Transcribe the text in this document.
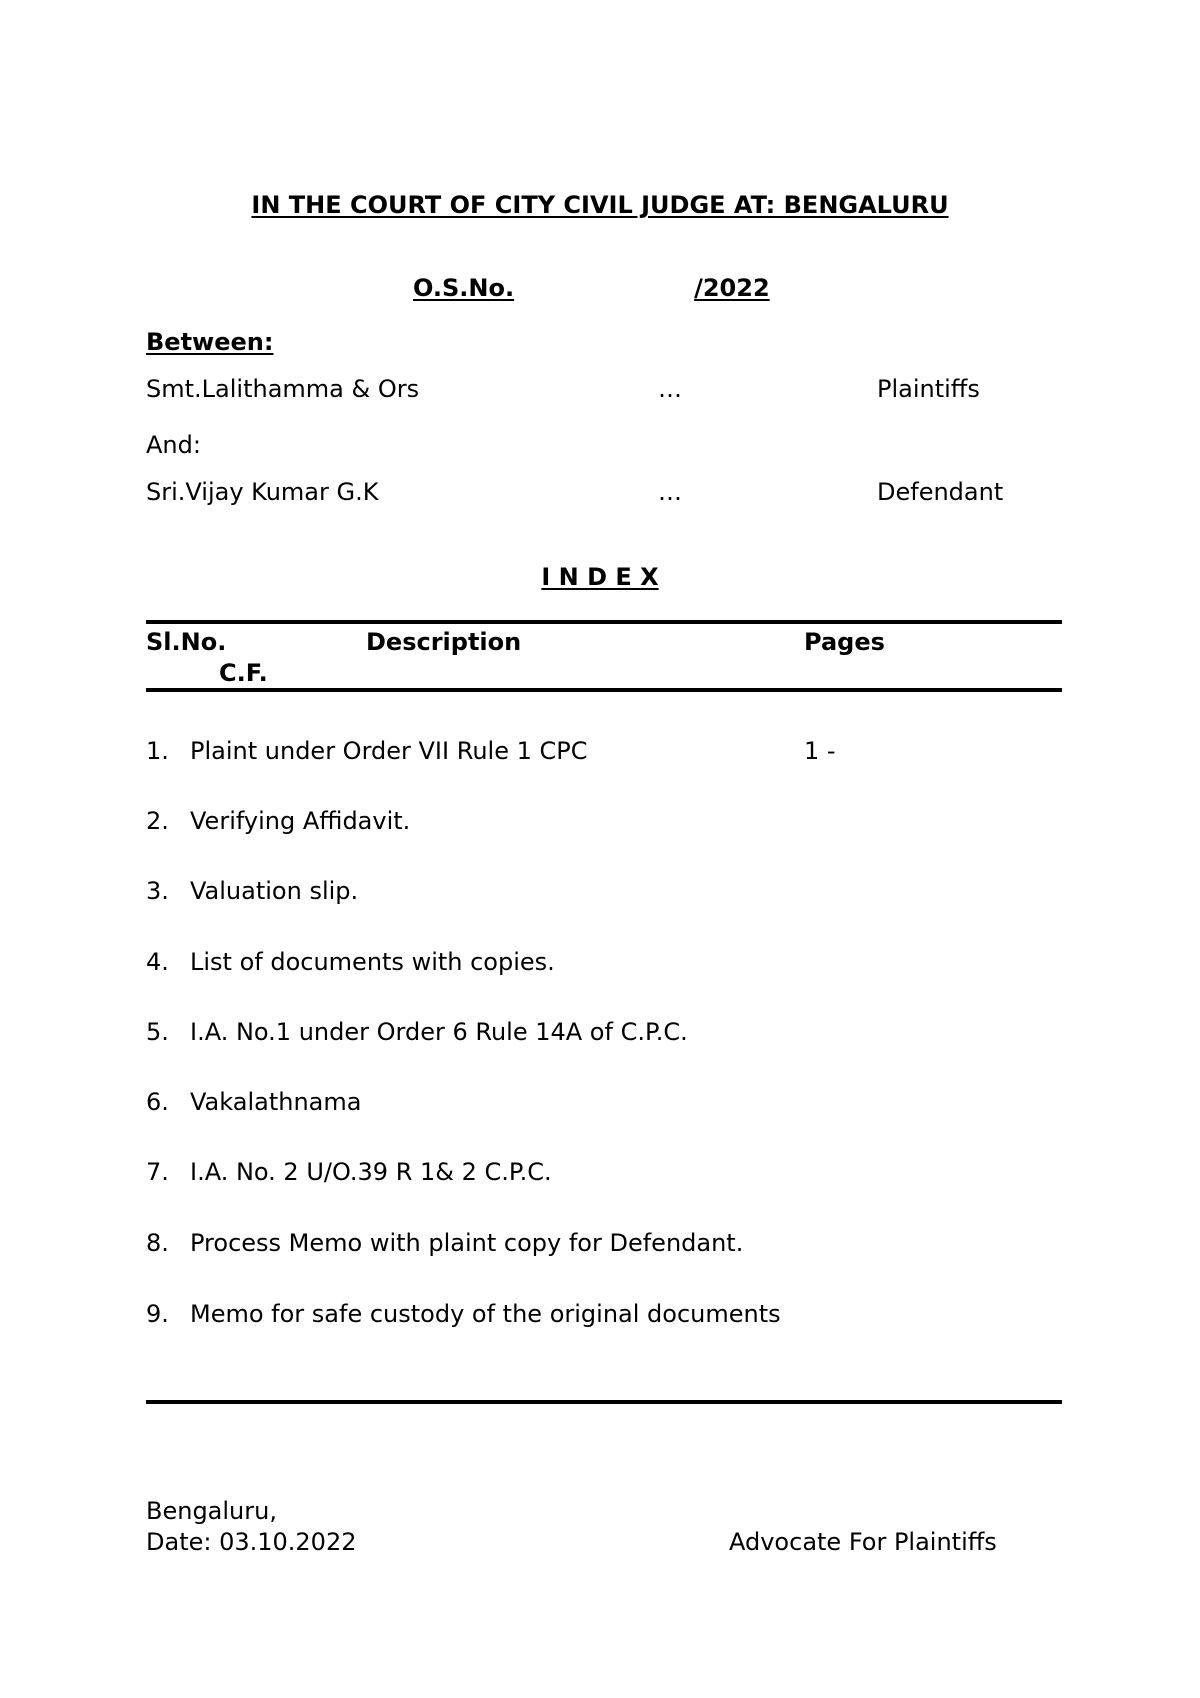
IN THE COURT OF CITY CIVIL JUDGE AT: BENGALURU
O.S.No.	/2022
Between:
Smt.Lalithamma & Ors	…	Plaintiffs
And:
Sri.Vijay Kumar G.K	…	Defendant
I N D E X
Sl.No.	Description	Pages
C.F.
1. Plaint under Order VII Rule 1 CPC	1 -
2. Verifying Affidavit.
3. Valuation slip.
4. List of documents with copies.
5. I.A. No.1 under Order 6 Rule 14A of C.P.C.
6. Vakalathnama
7. I.A. No. 2 U/O.39 R 1& 2 C.P.C.
8. Process Memo with plaint copy for Defendant.
9. Memo for safe custody of the original documents
Bengaluru,
Date: 03.10.2022	Advocate For Plaintiffs
